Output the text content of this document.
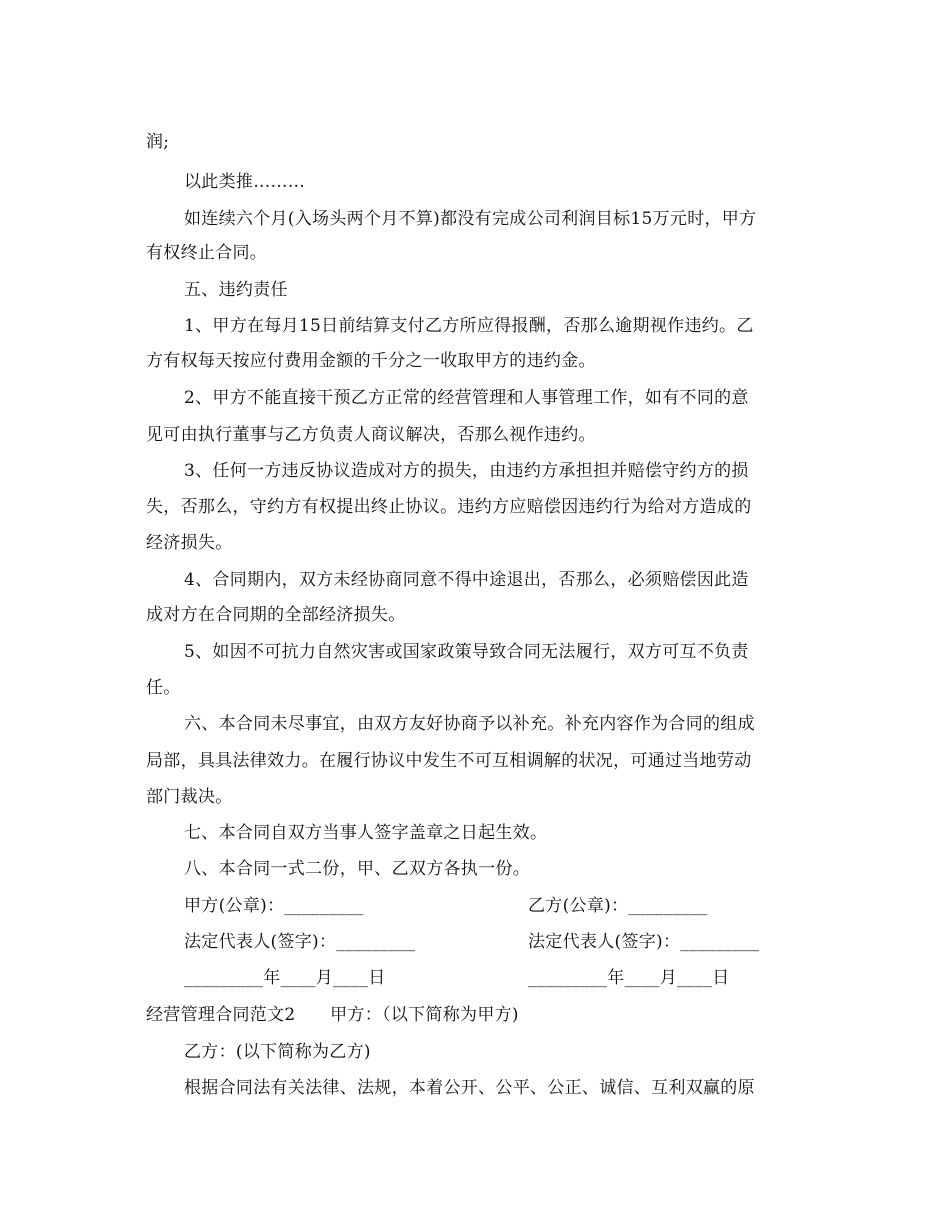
润;
以此类推………
如连续六个月(入场头两个月不算)都没有完成公司利润目标15万元时，甲方
有权终止合同。
五、违约责任
1、甲方在每月15日前结算支付乙方所应得报酬，否那么逾期视作违约。乙
方有权每天按应付费用金额的千分之一收取甲方的违约金。
2、甲方不能直接干预乙方正常的经营管理和人事管理工作，如有不同的意
见可由执行董事与乙方负责人商议解决，否那么视作违约。
3、任何一方违反协议造成对方的损失，由违约方承担担并赔偿守约方的损
失，否那么，守约方有权提出终止协议。违约方应赔偿因违约行为给对方造成的
经济损失。
4、合同期内，双方未经协商同意不得中途退出，否那么，必须赔偿因此造
成对方在合同期的全部经济损失。
5、如因不可抗力自然灾害或国家政策导致合同无法履行，双方可互不负责
任。
六、本合同未尽事宜，由双方友好协商予以补充。补充内容作为合同的组成
局部，具具法律效力。在履行协议中发生不可互相调解的状况，可通过当地劳动
部门裁决。
七、本合同自双方当事人签字盖章之日起生效。
八、本合同一式二份，甲、乙双方各执一份。
甲方(公章)：_________	乙方(公章)：_________
法定代表人(签字)：_________	法定代表人(签字)：_________
_________年____月____日	_________年____月____日
经营管理合同范文2　　甲方：（以下简称为甲方)
乙方：(以下简称为乙方)
根据合同法有关法律、法规，本着公开、公平、公正、诚信、互利双赢的原
